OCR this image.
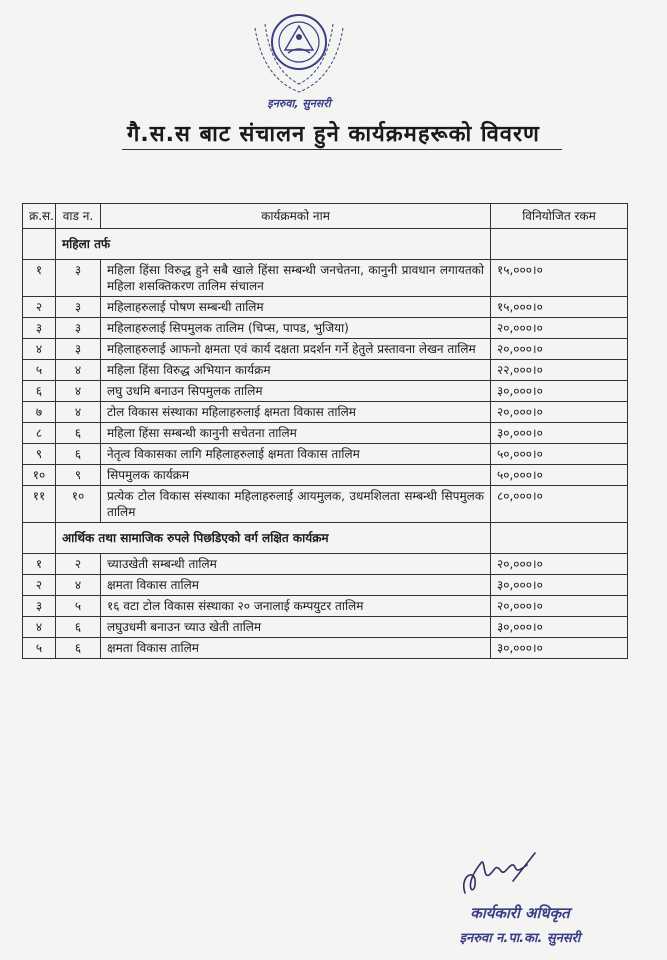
इनरुवा, सुनसरी
गै.स.स बाट संचालन हुने कार्यक्रमहरूको विवरण
क्र.स.	वाड न.	कार्यक्रमको नाम	विनियोजित रकम
	महिला तर्फ		
१	३	महिला हिंसा विरुद्ध हुने सबै खाले हिंसा सम्बन्धी जनचेतना, कानुनी प्रावधान लगायतको महिला शसक्तिकरण तालिम संचालन	१५,०००।०
२	३	महिलाहरुलाई पोषण सम्बन्धी तालिम	१५,०००।०
३	३	महिलाहरुलाई सिपमुलक तालिम (चिप्स, पापड, भुजिया)	२०,०००।०
४	३	महिलाहरुलाई आफनो क्षमता एवं कार्य दक्षता प्रदर्शन गर्ने हेतुले प्रस्तावना लेखन तालिम	२०,०००।०
५	४	महिला हिंसा विरुद्ध अभियान कार्यक्रम	२२,०००।०
६	४	लघु उधमि बनाउन सिपमुलक तालिम	३०,०००।०
७	४	टोल विकास संस्थाका महिलाहरुलाई क्षमता विकास तालिम	२०,०००।०
८	६	महिला हिंसा सम्बन्धी कानुनी सचेतना तालिम	३०,०००।०
९	६	नेतृत्व विकासका लागि महिलाहरुलाई क्षमता विकास तालिम	५०,०००।०
१०	९	सिपमुलक कार्यक्रम	५०,०००।०
११	१०	प्रत्येक टोल विकास संस्थाका महिलाहरुलाई आयमुलक, उधमशिलता सम्बन्धी सिपमुलक तालिम	८०,०००।०
	आर्थिक तथा सामाजिक रुपले पिछडिएको वर्ग लक्षित कार्यक्रम		
१	२	च्याउखेती सम्बन्धी तालिम	२०,०००।०
२	४	क्षमता विकास तालिम	३०,०००।०
३	५	१६ वटा टोल विकास संस्थाका २० जनालाई कम्पयुटर तालिम	२०,०००।०
४	६	लघुउधमी बनाउन च्याउ खेती तालिम	३०,०००।०
५	६	क्षमता विकास तालिम	३०,०००।०
कार्यकारी अधिकृत
इनरुवा न.पा.का. सुनसरी
